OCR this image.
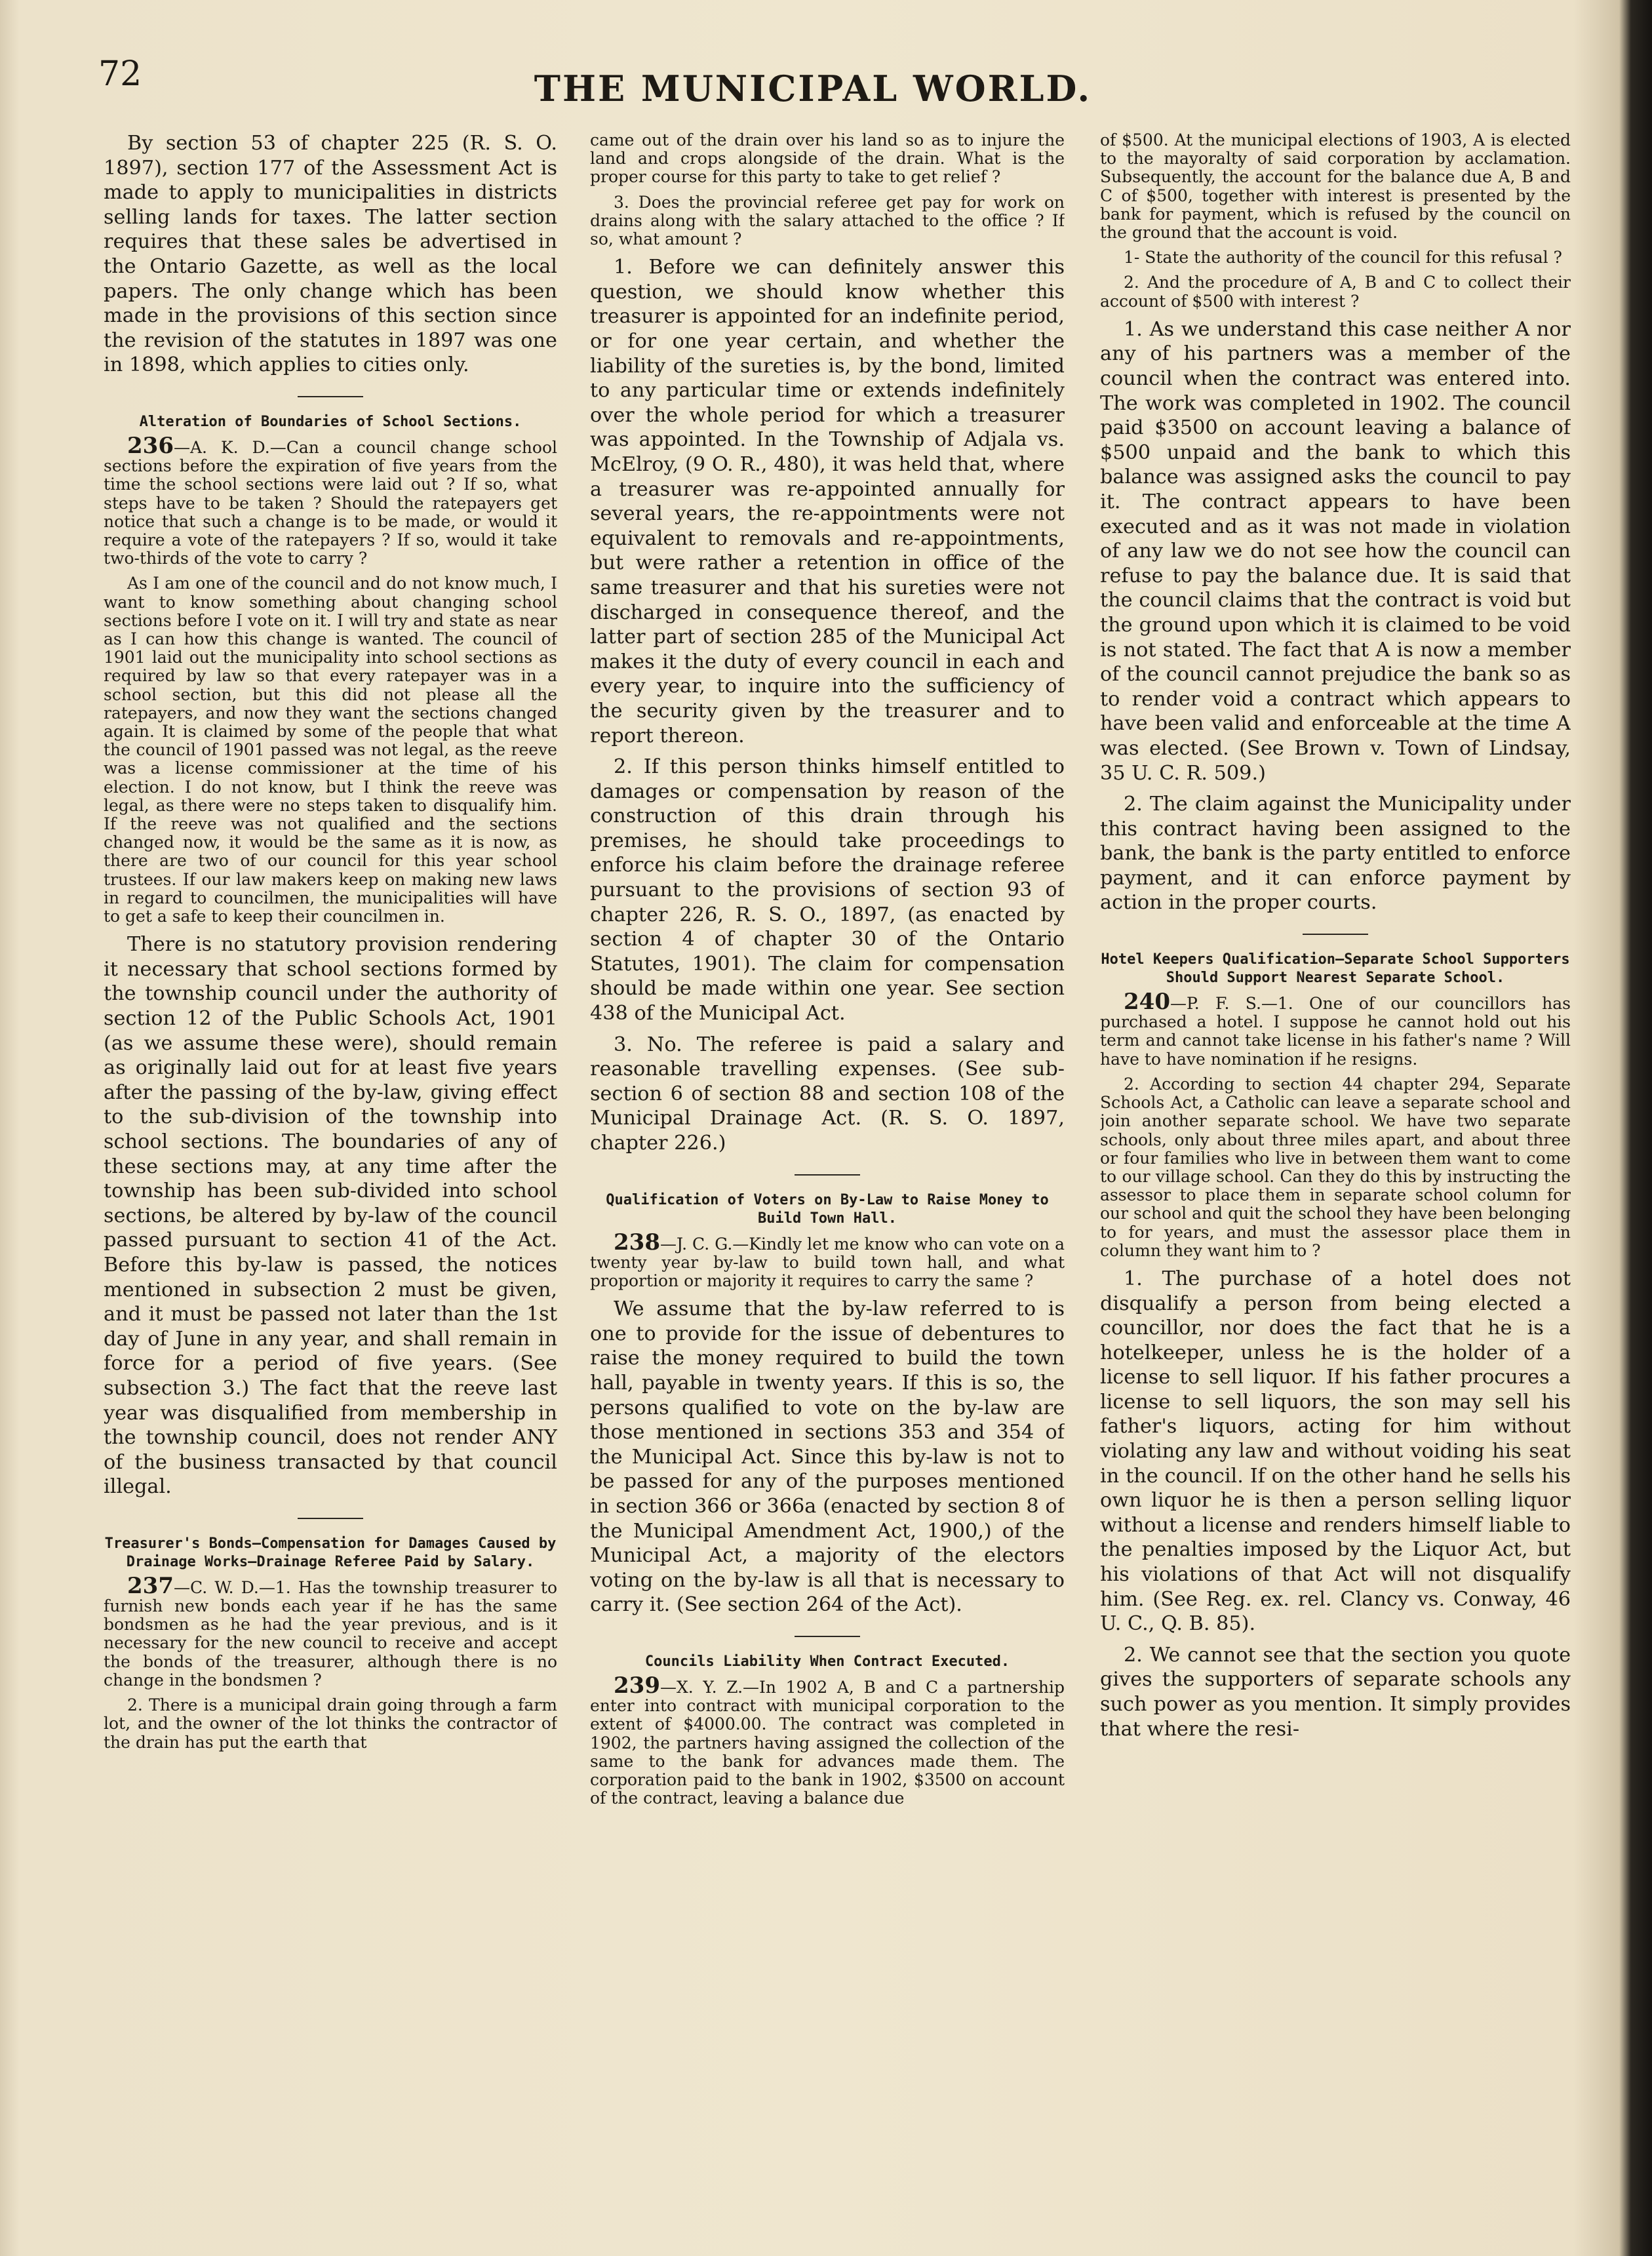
72	THE MUNICIPAL WORLD.

By section 53 of chapter 225 (R. S. O. 1897), section 177 of the Assessment Act is made to apply to municipalities in districts selling lands for taxes. The latter section requires that these sales be advertised in the Ontario Gazette, as well as the local papers. The only change which has been made in the provisions of this section since the revision of the statutes in 1897 was one in 1898, which applies to cities only.

Alteration of Boundaries of School Sections.

236—A. K. D.—Can a council change school sections before the expiration of five years from the time the school sections were laid out ? If so, what steps have to be taken ? Should the ratepayers get notice that such a change is to be made, or would it require a vote of the ratepayers ? If so, would it take two-thirds of the vote to carry ?

As I am one of the council and do not know much, I want to know something about changing school sections before I vote on it. I will try and state as near as I can how this change is wanted. The council of 1901 laid out the municipality into school sections as required by law so that every ratepayer was in a school section, but this did not please all the ratepayers, and now they want the sections changed again. It is claimed by some of the people that what the council of 1901 passed was not legal, as the reeve was a license commissioner at the time of his election. I do not know, but I think the reeve was legal, as there were no steps taken to disqualify him. If the reeve was not qualified and the sections changed now, it would be the same as it is now, as there are two of our council for this year school trustees. If our law makers keep on making new laws in regard to councilmen, the municipalities will have to get a safe to keep their councilmen in.

There is no statutory provision rendering it necessary that school sections formed by the township council under the authority of section 12 of the Public Schools Act, 1901 (as we assume these were), should remain as originally laid out for at least five years after the passing of the by-law, giving effect to the sub-division of the township into school sections. The boundaries of any of these sections may, at any time after the township has been sub-divided into school sections, be altered by by-law of the council passed pursuant to section 41 of the Act. Before this by-law is passed, the notices mentioned in subsection 2 must be given, and it must be passed not later than the 1st day of June in any year, and shall remain in force for a period of five years. (See subsection 3.) The fact that the reeve last year was disqualified from membership in the township council, does not render ANY of the business transacted by that council illegal.

Treasurer's Bonds—Compensation for Damages Caused by Drainage Works—Drainage Referee Paid by Salary.

237—C. W. D.—1. Has the township treasurer to furnish new bonds each year if he has the same bondsmen as he had the year previous, and is it necessary for the new council to receive and accept the bonds of the treasurer, although there is no change in the bondsmen ?

2. There is a municipal drain going through a farm lot, and the owner of the lot thinks the contractor of the drain has put the earth that

came out of the drain over his land so as to injure the land and crops alongside of the drain. What is the proper course for this party to take to get relief ?

3. Does the provincial referee get pay for work on drains along with the salary attached to the office ? If so, what amount ?

1. Before we can definitely answer this question, we should know whether this treasurer is appointed for an indefinite period, or for one year certain, and whether the liability of the sureties is, by the bond, limited to any particular time or extends indefinitely over the whole period for which a treasurer was appointed. In the Township of Adjala vs. McElroy, (9 O. R., 480), it was held that, where a treasurer was re-appointed annually for several years, the re-appointments were not equivalent to removals and re-appointments, but were rather a retention in office of the same treasurer and that his sureties were not discharged in consequence thereof, and the latter part of section 285 of the Municipal Act makes it the duty of every council in each and every year, to inquire into the sufficiency of the security given by the treasurer and to report thereon.

2. If this person thinks himself entitled to damages or compensation by reason of the construction of this drain through his premises, he should take proceedings to enforce his claim before the drainage referee pursuant to the provisions of section 93 of chapter 226, R. S. O., 1897, (as enacted by section 4 of chapter 30 of the Ontario Statutes, 1901). The claim for compensation should be made within one year. See section 438 of the Municipal Act.

3. No. The referee is paid a salary and reasonable travelling expenses. (See sub-section 6 of section 88 and section 108 of the Municipal Drainage Act. (R. S. O. 1897, chapter 226.)

Qualification of Voters on By-Law to Raise Money to Build Town Hall.

238—J. C. G.—Kindly let me know who can vote on a twenty year by-law to build town hall, and what proportion or majority it requires to carry the same ?

We assume that the by-law referred to is one to provide for the issue of debentures to raise the money required to build the town hall, payable in twenty years. If this is so, the persons qualified to vote on the by-law are those mentioned in sections 353 and 354 of the Municipal Act. Since this by-law is not to be passed for any of the purposes mentioned in section 366 or 366a (enacted by section 8 of the Municipal Amendment Act, 1900,) of the Municipal Act, a majority of the electors voting on the by-law is all that is necessary to carry it. (See section 264 of the Act).

Councils Liability When Contract Executed.

239—X. Y. Z.—In 1902 A, B and C a partnership enter into contract with municipal corporation to the extent of $4000.00. The contract was completed in 1902, the partners having assigned the collection of the same to the bank for advances made them. The corporation paid to the bank in 1902, $3500 on account of the contract, leaving a balance due

of $500. At the municipal elections of 1903, A is elected to the mayoralty of said corporation by acclamation. Subsequently, the account for the balance due A, B and C of $500, together with interest is presented by the bank for payment, which is refused by the council on the ground that the account is void.

1- State the authority of the council for this refusal ?

2. And the procedure of A, B and C to collect their account of $500 with interest ?

1. As we understand this case neither A nor any of his partners was a member of the council when the contract was entered into. The work was completed in 1902. The council paid $3500 on account leaving a balance of $500 unpaid and the bank to which this balance was assigned asks the council to pay it. The contract appears to have been executed and as it was not made in violation of any law we do not see how the council can refuse to pay the balance due. It is said that the council claims that the contract is void but the ground upon which it is claimed to be void is not stated. The fact that A is now a member of the council cannot prejudice the bank so as to render void a contract which appears to have been valid and enforceable at the time A was elected. (See Brown v. Town of Lindsay, 35 U. C. R. 509.)

2. The claim against the Municipality under this contract having been assigned to the bank, the bank is the party entitled to enforce payment, and it can enforce payment by action in the proper courts.

Hotel Keepers Qualification—Separate School Supporters Should Support Nearest Separate School.

240—P. F. S.—1. One of our councillors has purchased a hotel. I suppose he cannot hold out his term and cannot take license in his father's name ? Will have to have nomination if he resigns.

2. According to section 44 chapter 294, Separate Schools Act, a Catholic can leave a separate school and join another separate school. We have two separate schools, only about three miles apart, and about three or four families who live in between them want to come to our village school. Can they do this by instructing the assessor to place them in separate school column for our school and quit the school they have been belonging to for years, and must the assessor place them in column they want him to ?

1. The purchase of a hotel does not disqualify a person from being elected a councillor, nor does the fact that he is a hotelkeeper, unless he is the holder of a license to sell liquor. If his father procures a license to sell liquors, the son may sell his father's liquors, acting for him without violating any law and without voiding his seat in the council. If on the other hand he sells his own liquor he is then a person selling liquor without a license and renders himself liable to the penalties imposed by the Liquor Act, but his violations of that Act will not disqualify him. (See Reg. ex. rel. Clancy vs. Conway, 46 U. C., Q. B. 85).

2. We cannot see that the section you quote gives the supporters of separate schools any such power as you mention. It simply provides that where the resi-
